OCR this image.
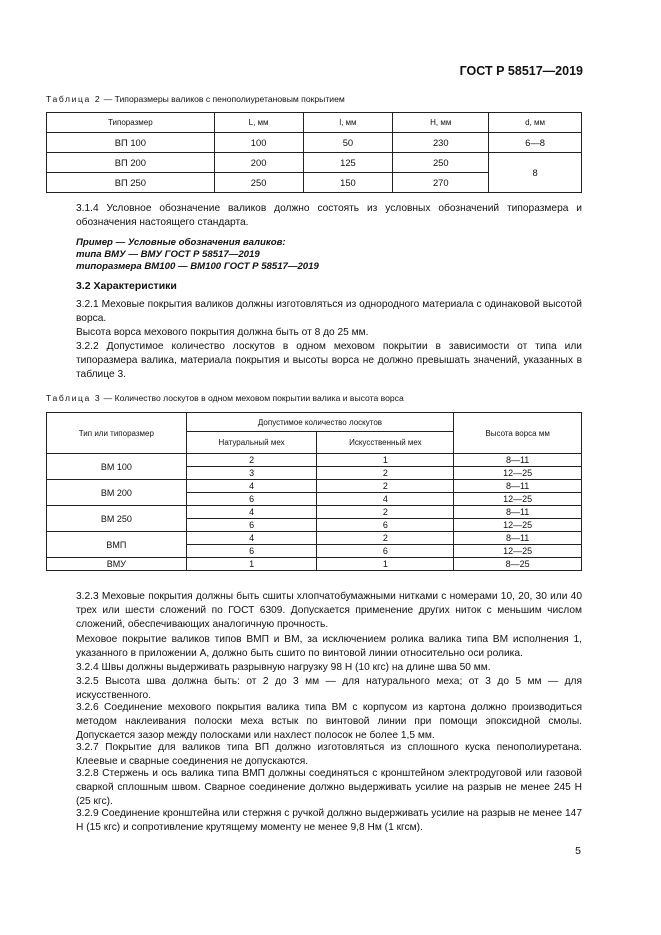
ГОСТ Р 58517—2019
Таблица 2 — Типоразмеры валиков с пенополиуретановым покрытием
Типоразмер	L, мм	l, мм	H, мм	d, мм
ВП 100	100	50	230	6—8
ВП 200	200	125	250	8
ВП 250	250	150	270	

3.1.4 Условное обозначение валиков должно состоять из условных обозначений типоразмера и обозначения настоящего стандарта.

Пример — Условные обозначения валиков:
типа ВМУ — ВМУ ГОСТ Р 58517—2019
типоразмера ВМ100 — ВМ100 ГОСТ Р 58517—2019
3.2 Характеристики

3.2.1 Меховые покрытия валиков должны изготовляться из однородного материала с одинаковой высотой ворса.

Высота ворса мехового покрытия должна быть от 8 до 25 мм.

3.2.2 Допустимое количество лоскутов в одном меховом покрытии в зависимости от типа или типоразмера валика, материала покрытия и высоты ворса не должно превышать значений, указанных в таблице 3.

Таблица 3 — Количество лоскутов в одном меховом покрытии валика и высота ворса
Тип или типоразмер	Допустимое количество лоскутов		Высота ворса мм
	Натуральный мех	Искусственный мех	
ВМ 100	2	1	8—11
	3	2	12—25
ВМ 200	4	2	8—11
	6	4	12—25
ВМ 250	4	2	8—11
	6	6	12—25
ВМП	4	2	8—11
	6	6	12—25
ВМУ	1	1	8—25

3.2.3 Меховые покрытия должны быть сшиты хлопчатобумажными нитками с номерами 10, 20, 30 или 40 трех или шести сложений по ГОСТ 6309. Допускается применение других ниток с меньшим числом сложений, обеспечивающих аналогичную прочность.

Меховое покрытие валиков типов ВМП и ВМ, за исключением ролика валика типа ВМ исполнения 1, указанного в приложении А, должно быть сшито по винтовой линии относительно оси ролика.

3.2.4 Швы должны выдерживать разрывную нагрузку 98 Н (10 кгс) на длине шва 50 мм.

3.2.5 Высота шва должна быть: от 2 до 3 мм — для натурального меха; от 3 до 5 мм — для искусственного.

3.2.6 Соединение мехового покрытия валика типа ВМ с корпусом из картона должно производиться методом наклеивания полоски меха встык по винтовой линии при помощи эпоксидной смолы. Допускается зазор между полосками или нахлест полосок не более 1,5 мм.

3.2.7 Покрытие для валиков типа ВП должно изготовляться из сплошного куска пенополиуретана. Клеевые и сварные соединения не допускаются.

3.2.8 Стержень и ось валика типа ВМП должны соединяться с кронштейном электродуговой или газовой сваркой сплошным швом. Сварное соединение должно выдерживать усилие на разрыв не менее 245 Н (25 кгс).

3.2.9 Соединение кронштейна или стержня с ручкой должно выдерживать усилие на разрыв не менее 147 Н (15 кгс) и сопротивление крутящему моменту не менее 9,8 Нм (1 кгсм).

5
